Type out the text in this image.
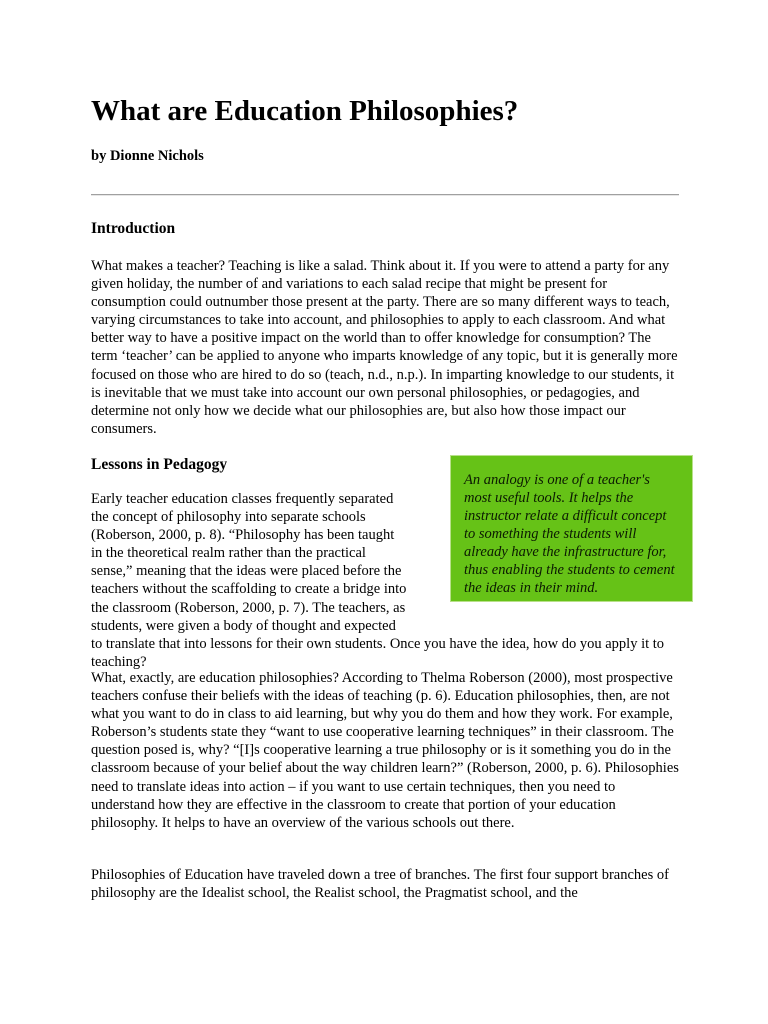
What are Education Philosophies?

by Dionne Nichols

Introduction

What makes a teacher? Teaching is like a salad. Think about it. If you were to attend a party for any given holiday, the number of and variations to each salad recipe that might be present for consumption could outnumber those present at the party. There are so many different ways to teach, varying circumstances to take into account, and philosophies to apply to each classroom. And what better way to have a positive impact on the world than to offer knowledge for consumption? The term ‘teacher’ can be applied to anyone who imparts knowledge of any topic, but it is generally more focused on those who are hired to do so (teach, n.d., n.p.). In imparting knowledge to our students, it is inevitable that we must take into account our own personal philosophies, or pedagogies, and determine not only how we decide what our philosophies are, but also how those impact our consumers.

Lessons in Pedagogy
Early teacher education classes frequently separated the concept of philosophy into separate schools (Roberson, 2000, p. 8). “Philosophy has been taught in the theoretical realm rather than the practical sense,” meaning that the ideas were placed before the teachers without the scaffolding to create a bridge into the classroom (Roberson, 2000, p. 7). The teachers, as students, were given a body of thought and expected to translate that into lessons for their own students. Once you have the idea, how do you apply it to teaching?

What, exactly, are education philosophies? According to Thelma Roberson (2000), most prospective teachers confuse their beliefs with the ideas of teaching (p. 6). Education philosophies, then, are not what you want to do in class to aid learning, but why you do them and how they work. For example, Roberson’s students state they “want to use cooperative learning techniques” in their classroom. The question posed is, why? “[I]s cooperative learning a true philosophy or is it something you do in the classroom because of your belief about the way children learn?” (Roberson, 2000, p. 6). Philosophies need to translate ideas into action – if you want to use certain techniques, then you need to understand how they are effective in the classroom to create that portion of your education philosophy. It helps to have an overview of the various schools out there.

Philosophies of Education have traveled down a tree of branches. The first four support branches of philosophy are the Idealist school, the Realist school, the Pragmatist school, and the

An analogy is one of a teacher's most useful tools. It helps the instructor relate a difficult concept to something the students will already have the infrastructure for, thus enabling the students to cement the ideas in their mind.
